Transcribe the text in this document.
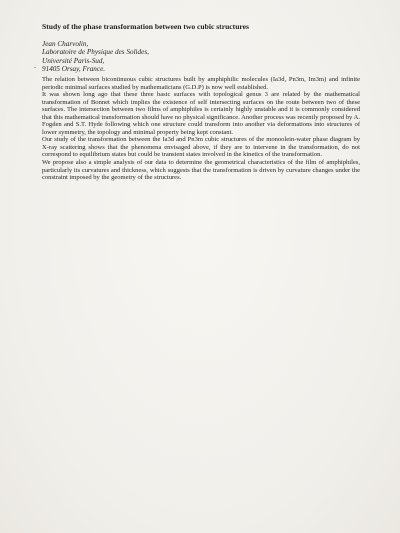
Study of the phase transformation between two cubic structures
Jean Charvolin,
Laboratoire de Physique des Solides,
Université Paris-Sud,
91405 Orsay, France.
-

The relation between bicontinuous cubic structures built by amphiphilic molecules (Ia3d, Pn3m, Im3m) and infinite periodic minimal surfaces studied by mathematicians (G.D.P) is now well established.

It was shown long ago that these three basic surfaces with topological genus 3 are related by the mathematical transformation of Bonnet which implies the existence of self intersecting surfaces on the route between two of these surfaces. The intersection between two films of amphiphiles is certainly highly unstable and it is commonly considered that this mathematical transformation should have no physical significance. Another process was recently proposed by A. Fogden and S.T. Hyde following which one structure could transform into another via deformations into structures of lower symmetry, the topology and minimal property being kept constant.

Our study of the transformation between the Ia3d and Pn3m cubic structures of the monoolein-water phase diagram by X-ray scattering shows that the phenomena envisaged above, if they are to intervene in the transformation, do not correspond to equilibrium states but could be transient states involved in the kinetics of the transformation.

We propose also a simple analysis of our data to determine the geometrical characteristics of the film of amphiphiles, particularly its curvatures and thickness, which suggests that the transformation is driven by curvature changes under the constraint imposed by the geometry of the structures.
